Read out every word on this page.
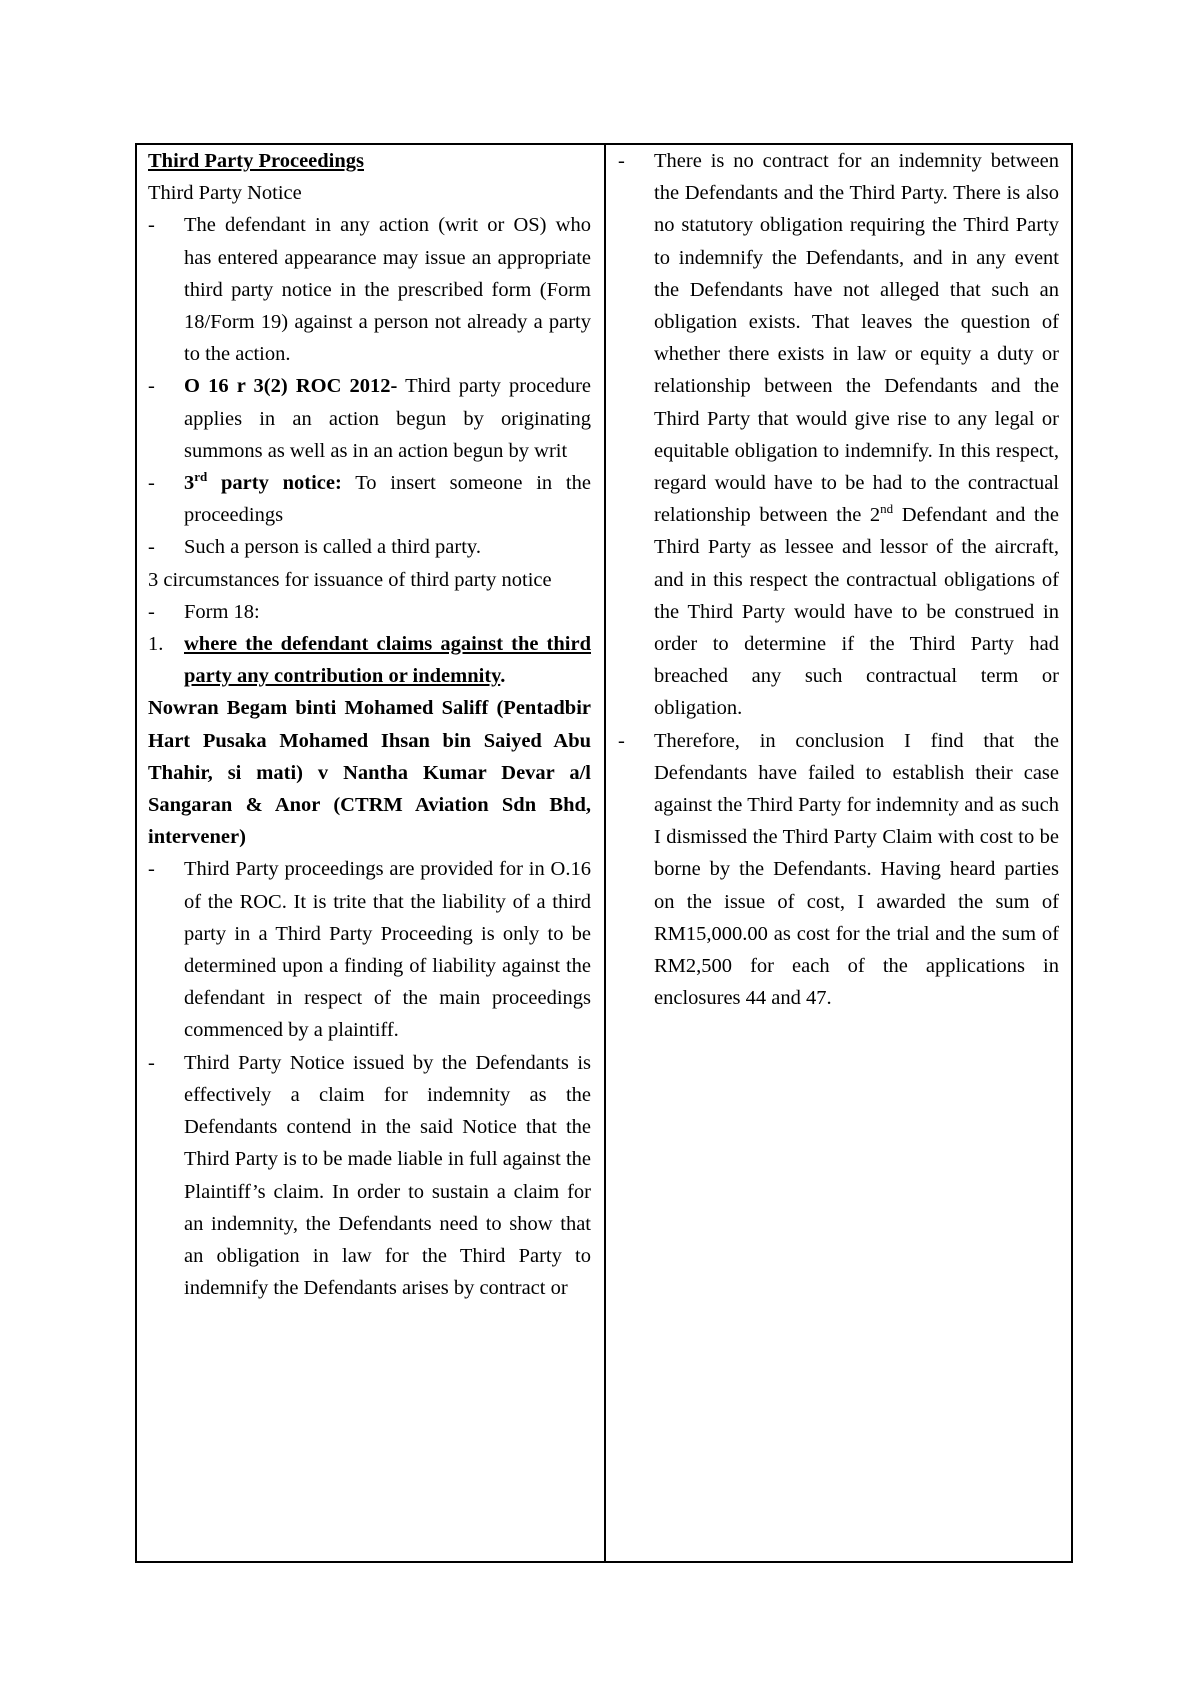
Third Party Proceedings

Third Party Notice

-	The defendant in any action (writ or OS) who has entered appearance may issue an appropriate third party notice in the prescribed form (Form 18/Form 19) against a person not already a party to the action.
-	O 16 r 3(2) ROC 2012- Third party procedure applies in an action begun by originating summons as well as in an action begun by writ
-	3rd party notice: To insert someone in the proceedings
-	Such a person is called a third party.

3 circumstances for issuance of third party notice

-	Form 18:
1.	where the defendant claims against the third party any contribution or indemnity.

Nowran Begam binti Mohamed Saliff (Pentadbir Hart Pusaka Mohamed Ihsan bin Saiyed Abu Thahir, si mati) v Nantha Kumar Devar a/l Sangaran & Anor (CTRM Aviation Sdn Bhd, intervener)

-	Third Party proceedings are provided for in O.16 of the ROC. It is trite that the liability of a third party in a Third Party Proceeding is only to be determined upon a finding of liability against the defendant in respect of the main proceedings commenced by a plaintiff.
-	Third Party Notice issued by the Defendants is effectively a claim for indemnity as the Defendants contend in the said Notice that the Third Party is to be made liable in full against the Plaintiff’s claim. In order to sustain a claim for an indemnity, the Defendants need to show that an obligation in law for the Third Party to indemnify the Defendants arises by contract or
-	There is no contract for an indemnity between the Defendants and the Third Party. There is also no statutory obligation requiring the Third Party to indemnify the Defendants, and in any event the Defendants have not alleged that such an obligation exists. That leaves the question of whether there exists in law or equity a duty or relationship between the Defendants and the Third Party that would give rise to any legal or equitable obligation to indemnify. In this respect, regard would have to be had to the contractual relationship between the 2nd Defendant and the Third Party as lessee and lessor of the aircraft, and in this respect the contractual obligations of the Third Party would have to be construed in order to determine if the Third Party had breached any such contractual term or obligation.
-	Therefore, in conclusion I find that the Defendants have failed to establish their case against the Third Party for indemnity and as such I dismissed the Third Party Claim with cost to be borne by the Defendants. Having heard parties on the issue of cost, I awarded the sum of RM15,000.00 as cost for the trial and the sum of RM2,500 for each of the applications in enclosures 44 and 47.
